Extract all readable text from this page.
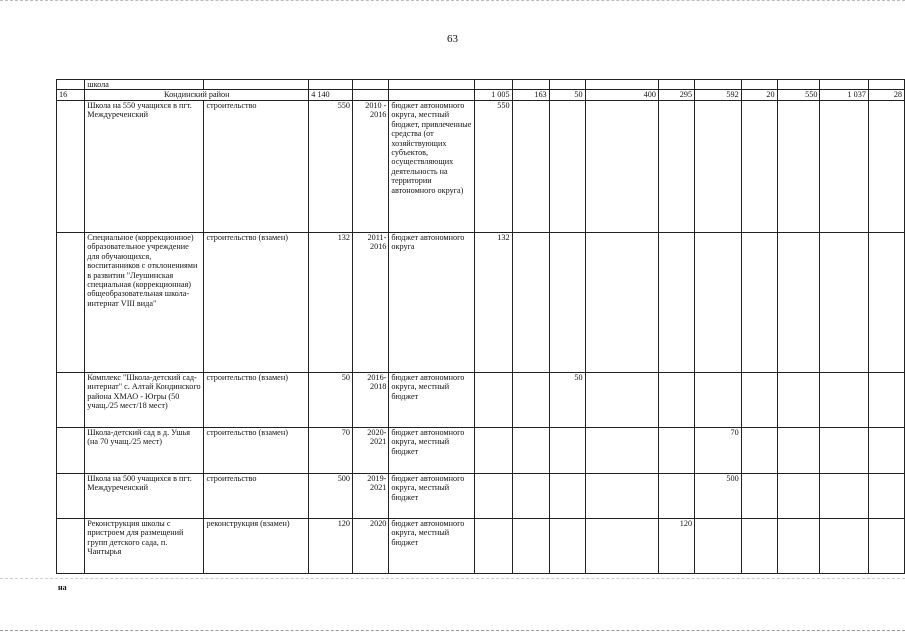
63
	школа														
16	Кондинский район		4 140			1 005	163	50	400	295	592	20	550	1 037	28
	Школа на 550 учащихся в пгт. Междуреченский	строительство	550	2010 - 2016	бюджет автономного округа, местный бюджет, привлеченные средства (от хозяйствующих субъектов, осуществляющих деятельность на территории автономного округа)	550									
	Специальное (коррекционное) образовательное учреждение для обучающихся, воспитанников с отклонениями в развитии "Леушинская специальная (коррекционная) общеобразовательная школа-интернат VIII вида"	строительство (взамен)	132	2011- 2016	бюджет автономного округа	132									
	Комплекс "Школа-детский сад-интернат" с. Алтай Кондинского района ХМАО - Югры (50 учащ./25 мест/18 мест)	строительство (взамен)	50	2016- 2018	бюджет автономного округа, местный бюджет			50							
	Школа-детский сад в д. Ушья (на 70 учащ./25 мест)	строительство (взамен)	70	2020- 2021	бюджет автономного округа, местный бюджет						70				
	Школа на 500 учащихся в пгт. Междуреченский	строительство	500	2019- 2021	бюджет автономного округа, местный бюджет						500				
	Реконструкция школы с пристроем для размещений групп детского сада, п. Чантырья	реконструкция (взамен)	120	2020	бюджет автономного округа, местный бюджет					120					
на
